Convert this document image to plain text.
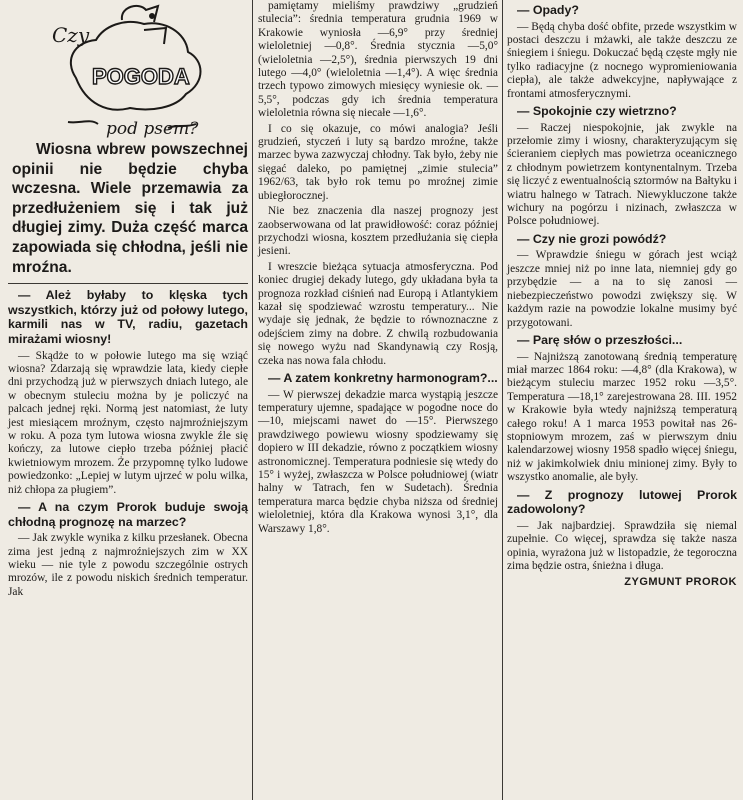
Czy
POGODA
pod psem?
Wiosna wbrew powszechnej opinii nie będzie chyba wczesna. Wiele przemawia za przedłużeniem się i tak już długiej zimy. Duża część marca zapowiada się chłodna, jeśli nie mroźna.
— Ależ byłaby to klęska tych wszystkich, którzy już od połowy lutego, karmili nas w TV, radiu, gazetach mirażami wiosny!

— Skądże to w połowie lutego ma się wziąć wiosna? Zdarzają się wprawdzie lata, kiedy ciepłe dni przychodzą już w pierwszych dniach lutego, ale w obecnym stuleciu można by je policzyć na palcach jednej ręki. Normą jest natomiast, że luty jest miesiącem mroźnym, często najmroźniejszym w roku. A poza tym lutowa wiosna zwykle źle się kończy, za lutowe ciepło trzeba później płacić kwietniowym mrozem. Że przypomnę tylko ludowe powiedzonko: „Lepiej w lutym ujrzeć w polu wilka, niż chłopa za pługiem”.

— A na czym Prorok buduje swoją chłodną prognozę na marzec?

— Jak zwykle wynika z kilku przesłanek. Obecna zima jest jedną z najmroźniejszych zim w XX wieku — nie tyle z powodu szczególnie ostrych mrozów, ile z powodu niskich średnich temperatur. Jak

pamiętamy mieliśmy prawdziwy „grudzień stulecia”: średnia temperatura grudnia 1969 w Krakowie wyniosła —6,9° przy średniej wieloletniej —0,8°. Średnia stycznia —5,0° (wieloletnia —2,5°), średnia pierwszych 19 dni lutego —4,0° (wieloletnia —1,4°). A więc średnia trzech typowo zimowych miesięcy wyniesie ok. —5,5°, podczas gdy ich średnia temperatura wieloletnia równa się niecałe —1,6°.

I co się okazuje, co mówi analogia? Jeśli grudzień, styczeń i luty są bardzo mroźne, także marzec bywa zazwyczaj chłodny. Tak było, żeby nie sięgać daleko, po pamiętnej „zimie stulecia” 1962/63, tak było rok temu po mroźnej zimie ubiegłorocznej.

Nie bez znaczenia dla naszej prognozy jest zaobserwowana od lat prawidłowość: coraz później przychodzi wiosna, kosztem przedłużania się ciepła jesieni.

I wreszcie bieżąca sytuacja atmosferyczna. Pod koniec drugiej dekady lutego, gdy układana była ta prognoza rozkład ciśnień nad Europą i Atlantykiem kazał się spodziewać wzrostu temperatury... Nie wydaje się jednak, że będzie to równoznaczne z odejściem zimy na dobre. Z chwilą rozbudowania się nowego wyżu nad Skandynawią czy Rosją, czeka nas nowa fala chłodu.

— A zatem konkretny harmonogram?...

— W pierwszej dekadzie marca wystąpią jeszcze temperatury ujemne, spadające w pogodne noce do —10, miejscami nawet do —15°. Pierwszego prawdziwego powiewu wiosny spodziewamy się dopiero w III dekadzie, równo z początkiem wiosny astronomicznej. Temperatura podniesie się wtedy do 15° i wyżej, zwłaszcza w Polsce południowej (wiatr halny w Tatrach, fen w Sudetach). Średnia temperatura marca będzie chyba niższa od średniej wieloletniej, która dla Krakowa wynosi 3,1°, dla Warszawy 1,8°.

— Opady?

— Będą chyba dość obfite, przede wszystkim w postaci deszczu i mżawki, ale także deszczu ze śniegiem i śniegu. Dokuczać będą częste mgły nie tylko radiacyjne (z nocnego wypromieniowania ciepła), ale także adwekcyjne, napływające z frontami atmosferycznymi.

— Spokojnie czy wietrzno?

— Raczej niespokojnie, jak zwykle na przełomie zimy i wiosny, charakteryzującym się ścieraniem ciepłych mas powietrza oceanicznego z chłodnym powietrzem kontynentalnym. Trzeba się liczyć z ewentualnością sztormów na Bałtyku i wiatru halnego w Tatrach. Niewykluczone także wichury na pogórzu i nizinach, zwłaszcza w Polsce południowej.

— Czy nie grozi powódź?

— Wprawdzie śniegu w górach jest wciąż jeszcze mniej niż po inne lata, niemniej gdy go przybędzie — a na to się zanosi — niebezpieczeństwo powodzi zwiększy się. W każdym razie na powodzie lokalne musimy być przygotowani.

— Parę słów o przeszłości...

— Najniższą zanotowaną średnią temperaturę miał marzec 1864 roku: —4,8° (dla Krakowa), w bieżącym stuleciu marzec 1952 roku —3,5°. Temperatura —18,1° zarejestrowana 28. III. 1952 w Krakowie była wtedy najniższą temperaturą całego roku! A 1 marca 1953 powitał nas 26-stopniowym mrozem, zaś w pierwszym dniu kalendarzowej wiosny 1958 spadło więcej śniegu, niż w jakimkolwiek dniu minionej zimy. Były to wszystko anomalie, ale były.

— Z prognozy lutowej Prorok zadowolony?

— Jak najbardziej. Sprawdziła się niemal zupełnie. Co więcej, sprawdza się także nasza opinia, wyrażona już w listopadzie, że tegoroczna zima będzie ostra, śnieżna i długa.

ZYGMUNT PROROK
